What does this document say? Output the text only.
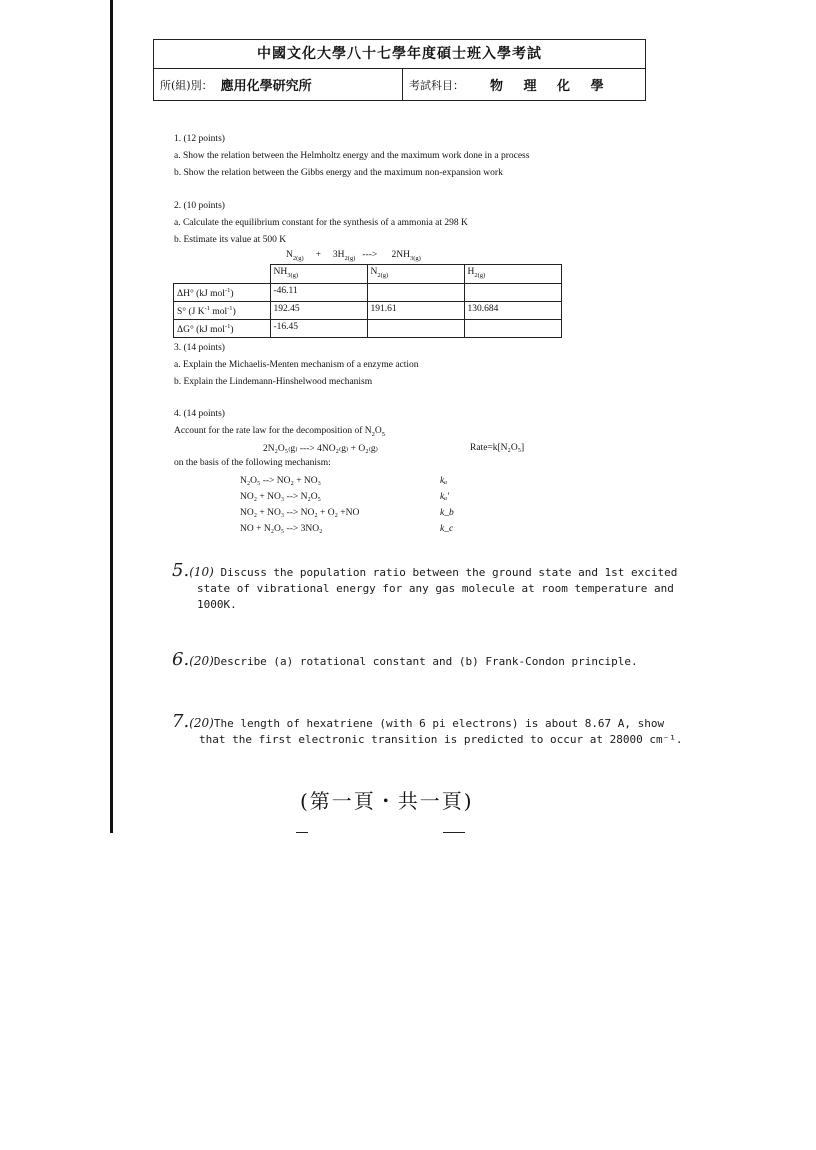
中國文化大學八十七學年度碩士班入學考試
所(組)別： 應用化學研究所	考試科目： 物 理 化 學

1. (12 points)

a. Show the relation between the Helmholtz energy and the maximum work done in a process

b. Show the relation between the Gibbs energy and the maximum non-expansion work

2. (10 points)

a. Calculate the equilibrium constant for the synthesis of a ammonia at 298 K

b. Estimate its value at 500 K

$N_{2(g)} + 3H_{2(g)}$ ---> $2NH_{3(g)}$
	$NH_{3(g)}$	$N_{2(g)}$	$H_{2(g)}$
ΔH° (kJ mol$^{-1}$)	-46.11		
S° (J $K^{-1}$ mol$^{-1}$)	192.45	191.61	130.684
ΔG° (kJ mol$^{-1}$)	-16.45		

3. (14 points)

a. Explain the Michaelis-Menten mechanism of a enzyme action

b. Explain the Lindemann-Hinshelwood mechanism

4. (14 points)

Account for the rate law for the decomposition of $N_2O_5$

2N₂O₅₍g₎ ---> 4NO₂₍g₎ + O₂₍g₎	Rate=k[N₂O₅]
on the basis of the following mechanism:
N₂O₅ --> NO₂ + NO₃	kₐ
NO₂ + NO₃ --> N₂O₅	kₐ'
NO₂ + NO₃ --> NO₂ + O₂ +NO	k_b
NO + N₂O₅ --> 3NO₂	k_c
5.(10) Discuss the population ratio between the ground state and 1st excited
state of vibrational energy for any gas molecule at room temperature and
1000K.
6.(20)Describe (a) rotational constant and (b) Frank-Condon principle.
7.(20)The length of hexatriene (with 6 pi electrons) is about 8.67 A, show
that the first electronic transition is predicted to occur at 28000 cm⁻¹.
(第一頁・共一頁)
